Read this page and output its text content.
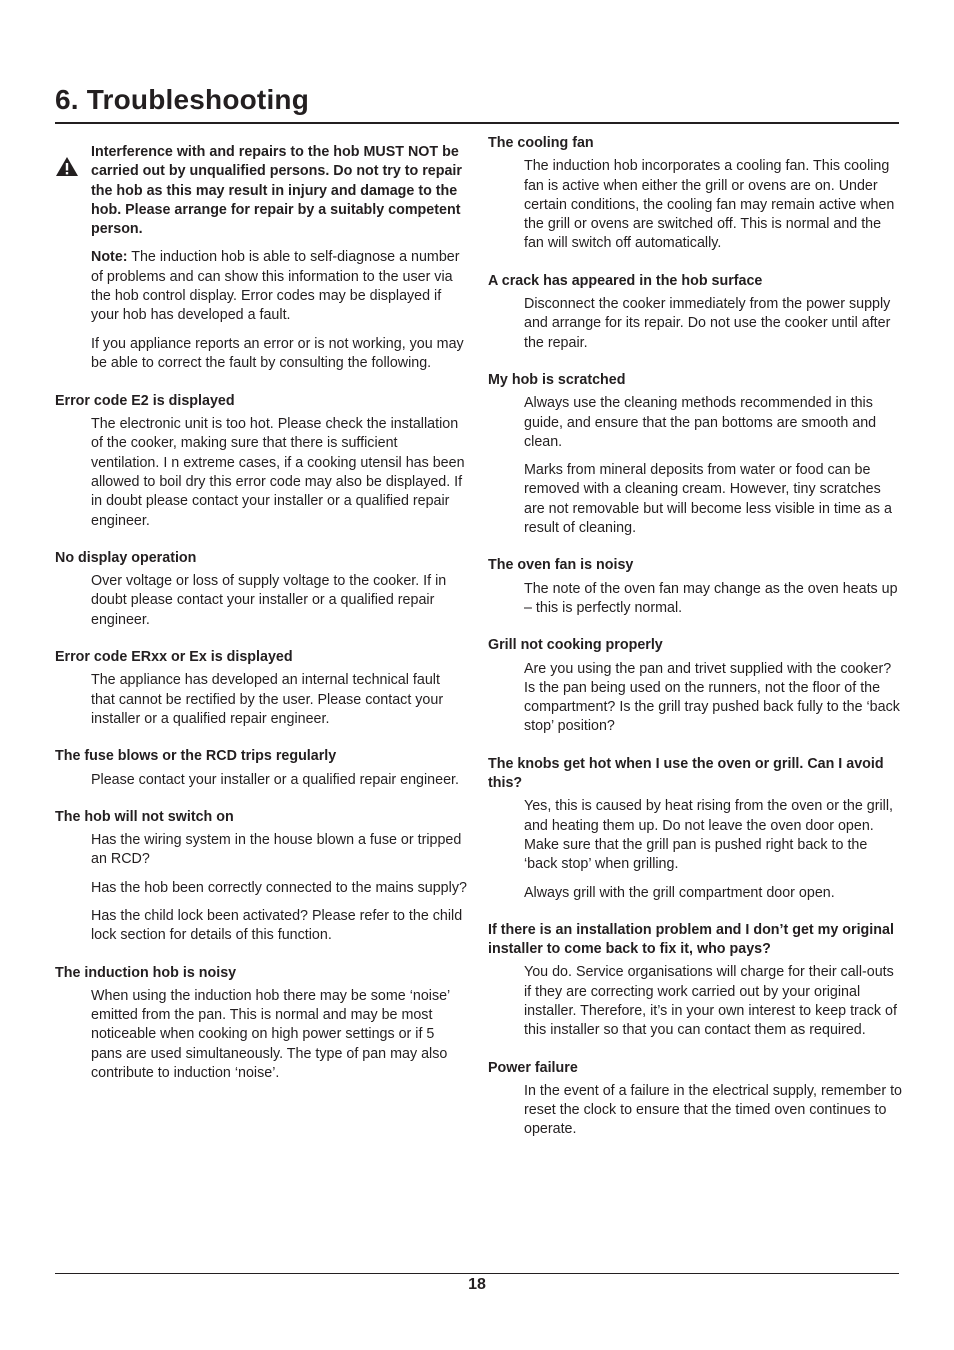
6. Troubleshooting

Interference with and repairs to the hob MUST NOT be carried out by unqualified persons. Do not try to repair the hob as this may result in injury and damage to the hob. Please arrange for repair by a suitably competent person.

Note: The induction hob is able to self-diagnose a number of problems and can show this information to the user via the hob control display. Error codes may be displayed if your hob has developed a fault.

If you appliance reports an error or is not working, you may be able to correct the fault by consulting the following.

Error code E2 is displayed

The electronic unit is too hot. Please check the installation of the cooker, making sure that there is sufficient ventilation. I n extreme cases, if a cooking utensil has been allowed to boil dry this error code may also be displayed. If in doubt please contact your installer or a qualified repair engineer.

No display operation

Over voltage or loss of supply voltage to the cooker. If in doubt please contact your installer or a qualified repair engineer.

Error code ERxx or Ex is displayed

The appliance has developed an internal technical fault that cannot be rectified by the user. Please contact your installer or a qualified repair engineer.

The fuse blows or the RCD trips regularly

Please contact your installer or a qualified repair engineer.

The hob will not switch on

Has the wiring system in the house blown a fuse or tripped an RCD?

Has the hob been correctly connected to the mains supply?

Has the child lock been activated? Please refer to the child lock section for details of this function.

The induction hob is noisy

When using the induction hob there may be some ‘noise’ emitted from the pan. This is normal and may be most noticeable when cooking on high power settings or if 5 pans are used simultaneously. The type of pan may also contribute to induction ‘noise’.

The cooling fan

The induction hob incorporates a cooling fan. This cooling fan is active when either the grill or ovens are on. Under certain conditions, the cooling fan may remain active when the grill or ovens are switched off. This is normal and the fan will switch off automatically.

A crack has appeared in the hob surface

Disconnect the cooker immediately from the power supply and arrange for its repair. Do not use the cooker until after the repair.

My hob is scratched

Always use the cleaning methods recommended in this guide, and ensure that the pan bottoms are smooth and clean.

Marks from mineral deposits from water or food can be removed with a cleaning cream. However, tiny scratches are not removable but will become less visible in time as a result of cleaning.

The oven fan is noisy

The note of the oven fan may change as the oven heats up – this is perfectly normal.

Grill not cooking properly

Are you using the pan and trivet supplied with the cooker? Is the pan being used on the runners, not the floor of the compartment? Is the grill tray pushed back fully to the ‘back stop’ position?

The knobs get hot when I use the oven or grill. Can I avoid this?

Yes, this is caused by heat rising from the oven or the grill, and heating them up. Do not leave the oven door open. Make sure that the grill pan is pushed right back to the ‘back stop’ when grilling.

Always grill with the grill compartment door open.

If there is an installation problem and I don’t get my original installer to come back to fix it, who pays?

You do. Service organisations will charge for their call-outs if they are correcting work carried out by your original installer. Therefore, it’s in your own interest to keep track of this installer so that you can contact them as required.

Power failure

In the event of a failure in the electrical supply, remember to reset the clock to ensure that the timed oven continues to operate.

18
